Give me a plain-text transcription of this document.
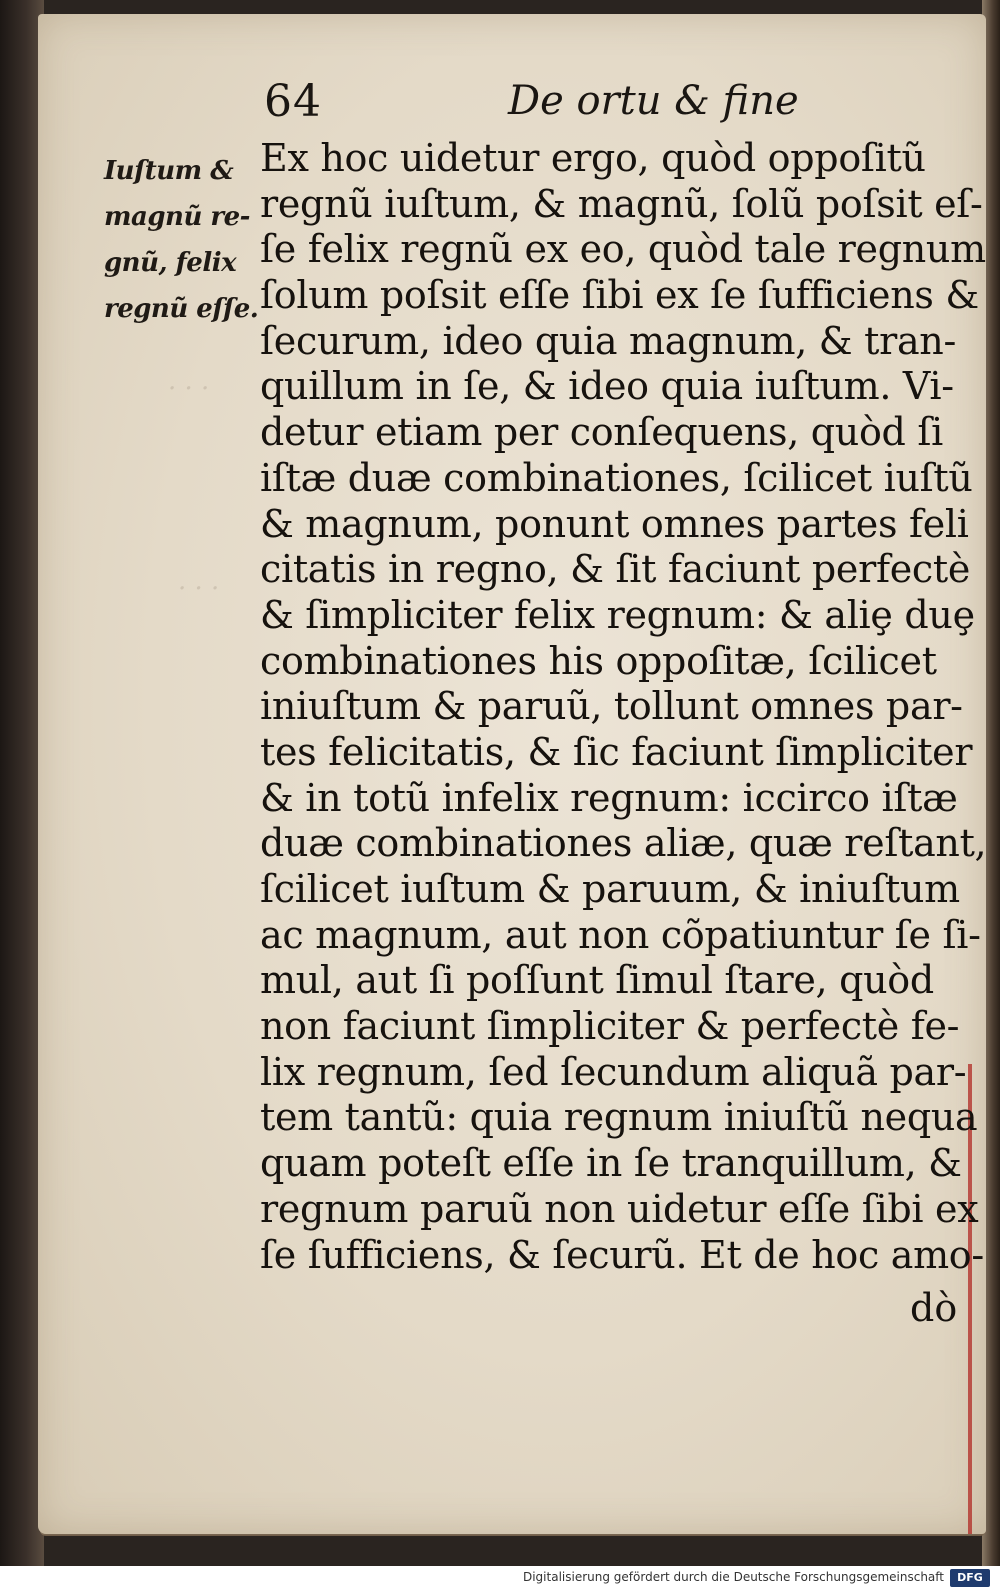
· · ·
· · ·
64	De ortu & fine
Iuſtum &
magnũ re-
gnũ, felix
regnũ eſſe.
Ex hoc uidetur ergo, quòd oppoſitũ
regnũ iuſtum, & magnũ, ſolũ poſsit eſ-
ſe felix regnũ ex eo, quòd tale regnum
ſolum poſsit eſſe ſibi ex ſe ſufficiens &
ſecurum, ideo quia magnum, & tran-
quillum in ſe, & ideo quia iuſtum. Vi-
detur etiam per conſequens, quòd ſi
iſtæ duæ combinationes, ſcilicet iuſtũ
& magnum, ponunt omnes partes feli
citatis in regno, & ſit faciunt perfectè
& ſimpliciter felix regnum: & aliȩ duȩ
combinationes his oppoſitæ, ſcilicet
iniuſtum & paruũ, tollunt omnes par-
tes felicitatis, & ſic faciunt ſimpliciter
& in totũ infelix regnum: iccirco iſtæ
duæ combinationes aliæ, quæ reſtant,
ſcilicet iuſtum & paruum, & iniuſtum
ac magnum, aut non cõpatiuntur ſe ſi-
mul, aut ſi poſſunt ſimul ſtare, quòd
non faciunt ſimpliciter & perfectè fe-
lix regnum, ſed ſecundum aliquã par-
tem tantũ: quia regnum iniuſtũ nequa
quam poteſt eſſe in ſe tranquillum, &
regnum paruũ non uidetur eſſe ſibi ex
ſe ſufficiens, & ſecurũ. Et de hoc amo-
dò
Digitalisierung gefördert durch die Deutsche Forschungsgemeinschaft	DFG
